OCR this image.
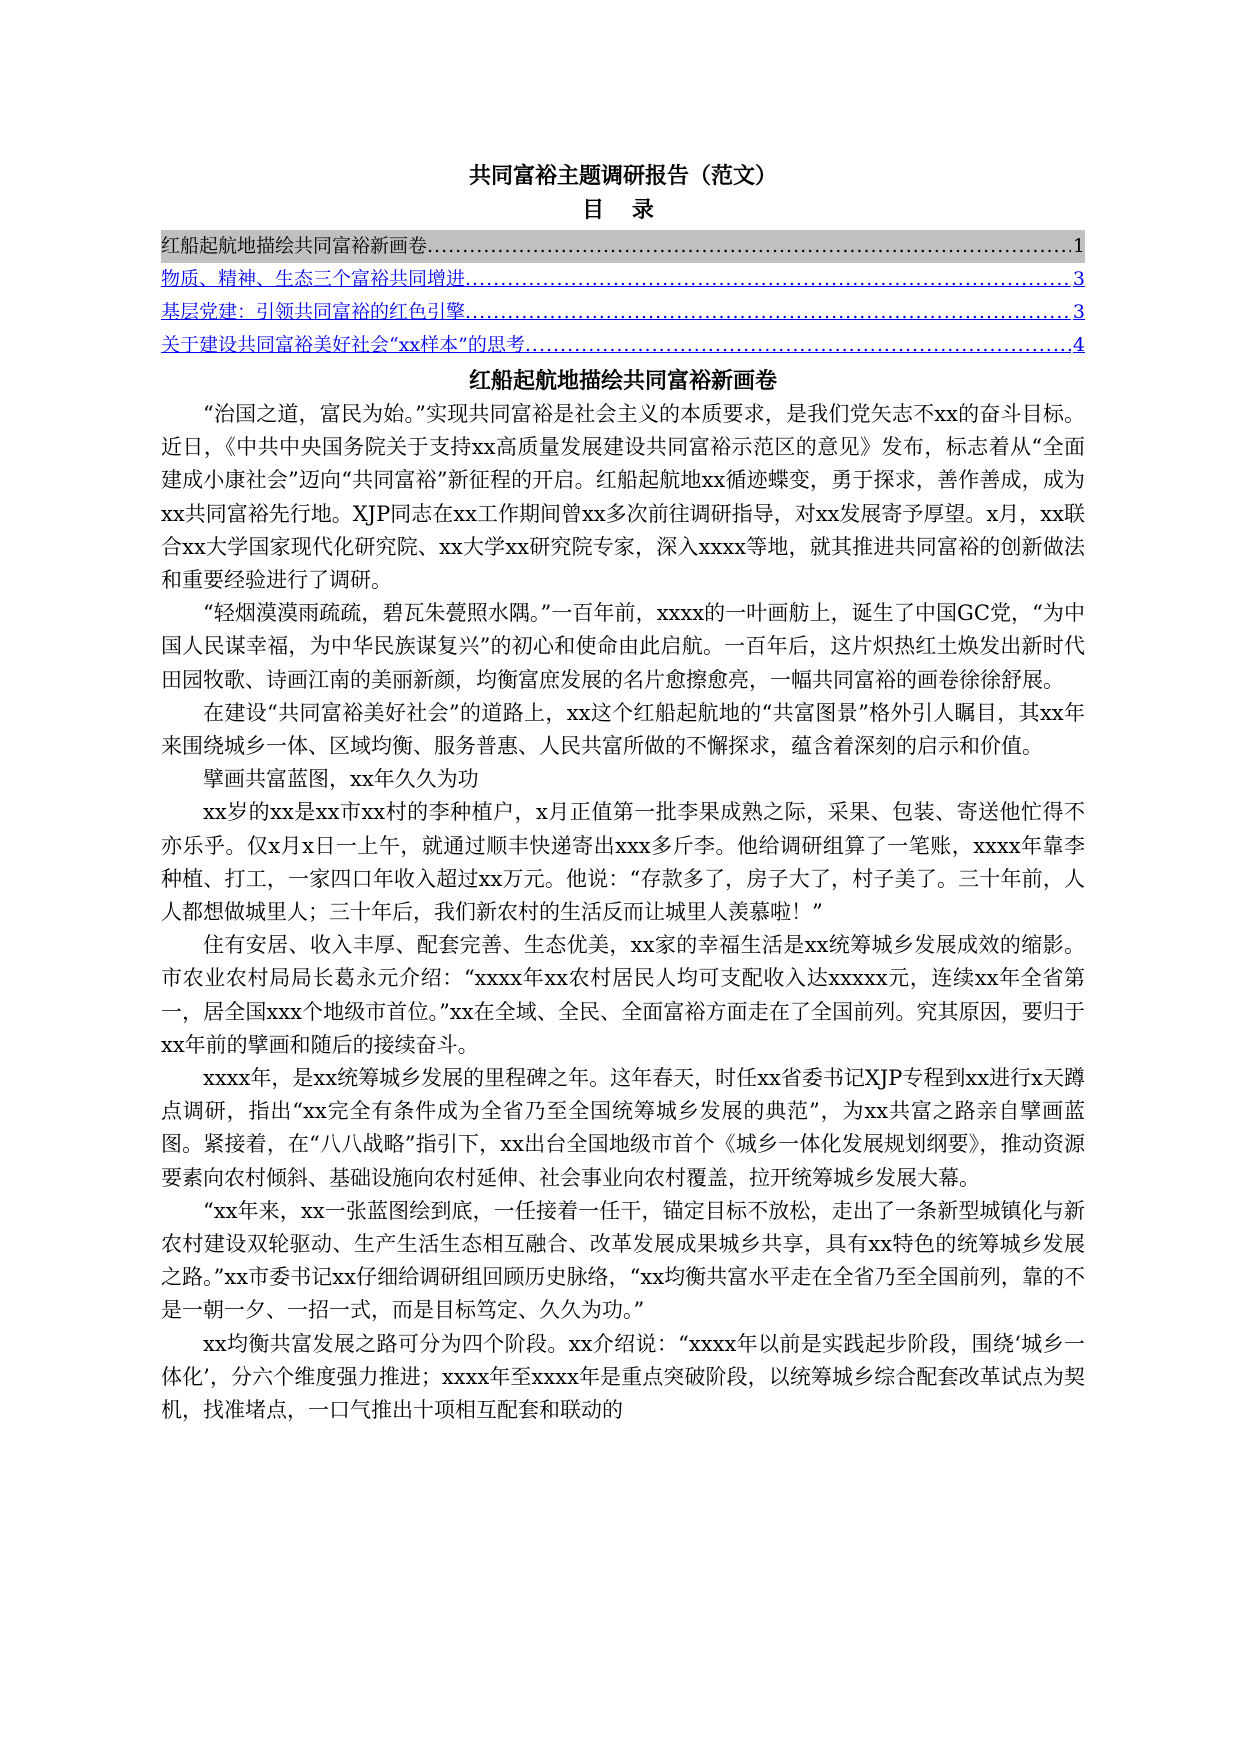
共同富裕主题调研报告（范文）
目 录
红船起航地描绘共同富裕新画卷 .....	1
物质、精神、生态三个富裕共同增进 .....	3
基层党建：引领共同富裕的红色引擎 .....	3
关于建设共同富裕美好社会“xx样本”的思考 .....	4
红船起航地描绘共同富裕新画卷

“治国之道，富民为始。”实现共同富裕是社会主义的本质要求，是我们党矢志不xx的奋斗目标。近日，《中共中央国务院关于支持xx高质量发展建设共同富裕示范区的意见》发布，标志着从“全面建成小康社会”迈向“共同富裕”新征程的开启。红船起航地xx循迹蝶变，勇于探求，善作善成，成为xx共同富裕先行地。XJP同志在xx工作期间曾xx多次前往调研指导，对xx发展寄予厚望。x月，xx联合xx大学国家现代化研究院、xx大学xx研究院专家，深入xxxx等地，就其推进共同富裕的创新做法和重要经验进行了调研。

“轻烟漠漠雨疏疏，碧瓦朱甍照水隅。”一百年前，xxxx的一叶画舫上，诞生了中国GC党，“为中国人民谋幸福，为中华民族谋复兴”的初心和使命由此启航。一百年后，这片炽热红土焕发出新时代田园牧歌、诗画江南的美丽新颜，均衡富庶发展的名片愈擦愈亮，一幅共同富裕的画卷徐徐舒展。

在建设“共同富裕美好社会”的道路上，xx这个红船起航地的“共富图景”格外引人瞩目，其xx年来围绕城乡一体、区域均衡、服务普惠、人民共富所做的不懈探求，蕴含着深刻的启示和价值。

擘画共富蓝图，xx年久久为功

xx岁的xx是xx市xx村的李种植户，x月正值第一批李果成熟之际，采果、包装、寄送他忙得不亦乐乎。仅x月x日一上午，就通过顺丰快递寄出xxx多斤李。他给调研组算了一笔账，xxxx年靠李种植、打工，一家四口年收入超过xx万元。他说：“存款多了，房子大了，村子美了。三十年前，人人都想做城里人；三十年后，我们新农村的生活反而让城里人羡慕啦！”

住有安居、收入丰厚、配套完善、生态优美，xx家的幸福生活是xx统筹城乡发展成效的缩影。市农业农村局局长葛永元介绍：“xxxx年xx农村居民人均可支配收入达xxxxx元，连续xx年全省第一，居全国xxx个地级市首位。”xx在全域、全民、全面富裕方面走在了全国前列。究其原因，要归于xx年前的擘画和随后的接续奋斗。

xxxx年，是xx统筹城乡发展的里程碑之年。这年春天，时任xx省委书记XJP专程到xx进行x天蹲点调研，指出“xx完全有条件成为全省乃至全国统筹城乡发展的典范”，为xx共富之路亲自擘画蓝图。紧接着，在“八八战略”指引下，xx出台全国地级市首个《城乡一体化发展规划纲要》，推动资源要素向农村倾斜、基础设施向农村延伸、社会事业向农村覆盖，拉开统筹城乡发展大幕。

“xx年来，xx一张蓝图绘到底，一任接着一任干，锚定目标不放松，走出了一条新型城镇化与新农村建设双轮驱动、生产生活生态相互融合、改革发展成果城乡共享，具有xx特色的统筹城乡发展之路。”xx市委书记xx仔细给调研组回顾历史脉络，“xx均衡共富水平走在全省乃至全国前列，靠的不是一朝一夕、一招一式，而是目标笃定、久久为功。”

xx均衡共富发展之路可分为四个阶段。xx介绍说：“xxxx年以前是实践起步阶段，围绕‘城乡一体化’，分六个维度强力推进；xxxx年至xxxx年是重点突破阶段，以统筹城乡综合配套改革试点为契机，找准堵点，一口气推出十项相互配套和联动的
